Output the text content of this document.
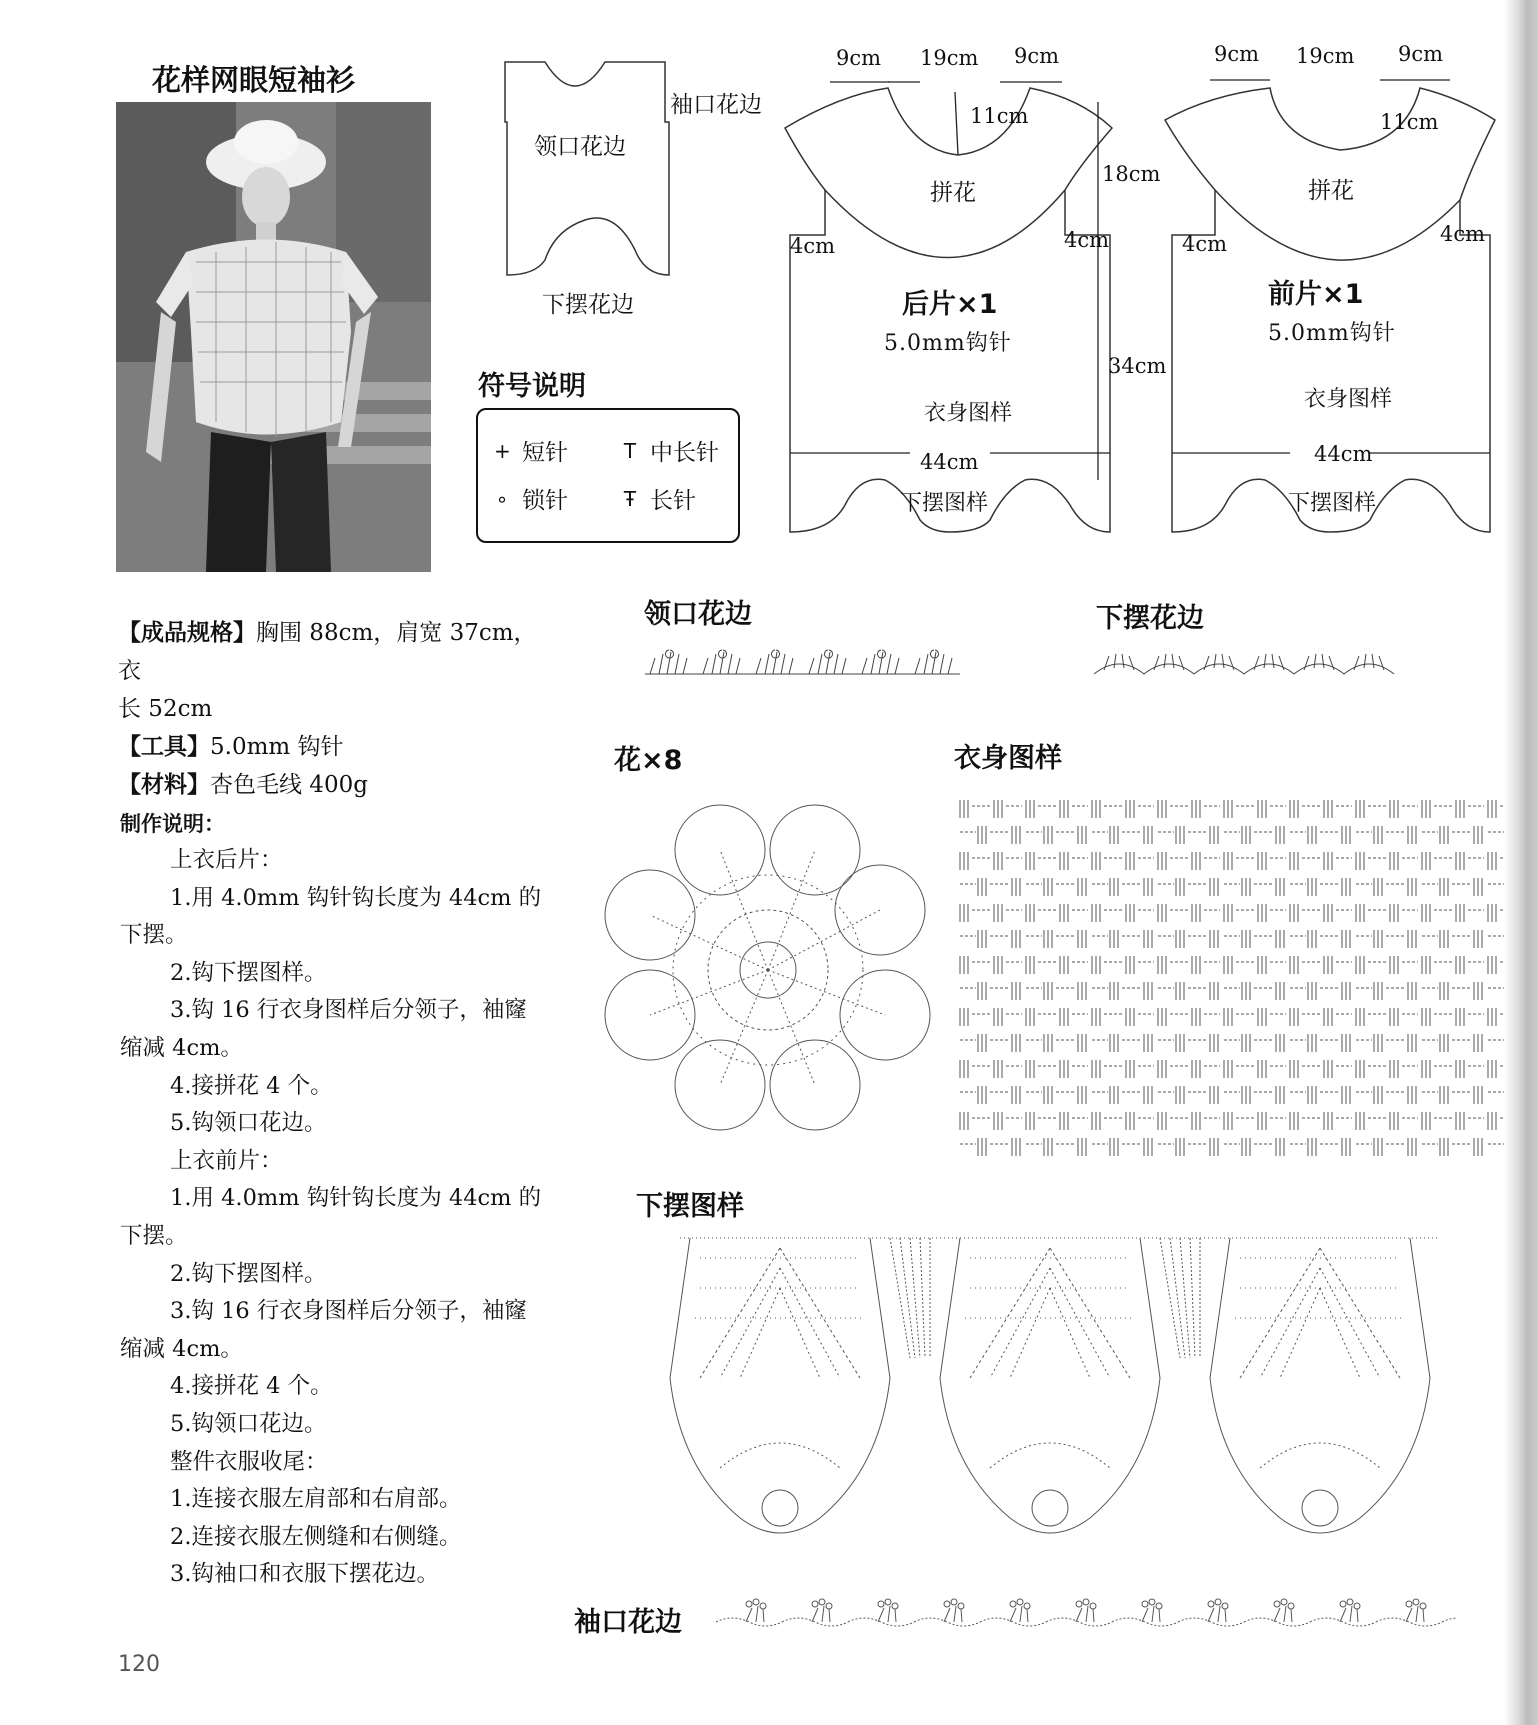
花样网眼短袖衫
袖口花边
领口花边
下摆花边
符号说明
+ 短针	T 中长针
∘ 锁针	Ŧ 长针
9cm 19cm 9cm
11cm
18cm
34cm
4cm	4cm
拼花
后片×1
5.0mm钩针
衣身图样
44cm
下摆图样
9cm 19cm 9cm
11cm
4cm	4cm
拼花
前片×1
5.0mm钩针
衣身图样
44cm
下摆图样
【成品规格】胸围 88cm，肩宽 37cm，衣
长 52cm
【工具】5.0mm 钩针
【材料】杏色毛线 400g
制作说明：
上衣后片：
1.用 4.0mm 钩针钩长度为 44cm 的
下摆。
2.钩下摆图样。
3.钩 16 行衣身图样后分领子，袖窿
缩减 4cm。
4.接拼花 4 个。
5.钩领口花边。
上衣前片：
1.用 4.0mm 钩针钩长度为 44cm 的
下摆。
2.钩下摆图样。
3.钩 16 行衣身图样后分领子，袖窿
缩减 4cm。
4.接拼花 4 个。
5.钩领口花边。
整件衣服收尾：
1.连接衣服左肩部和右肩部。
2.连接衣服左侧缝和右侧缝。
3.钩袖口和衣服下摆花边。
领口花边	下摆花边
花×8	衣身图样
下摆图样
袖口花边
120
